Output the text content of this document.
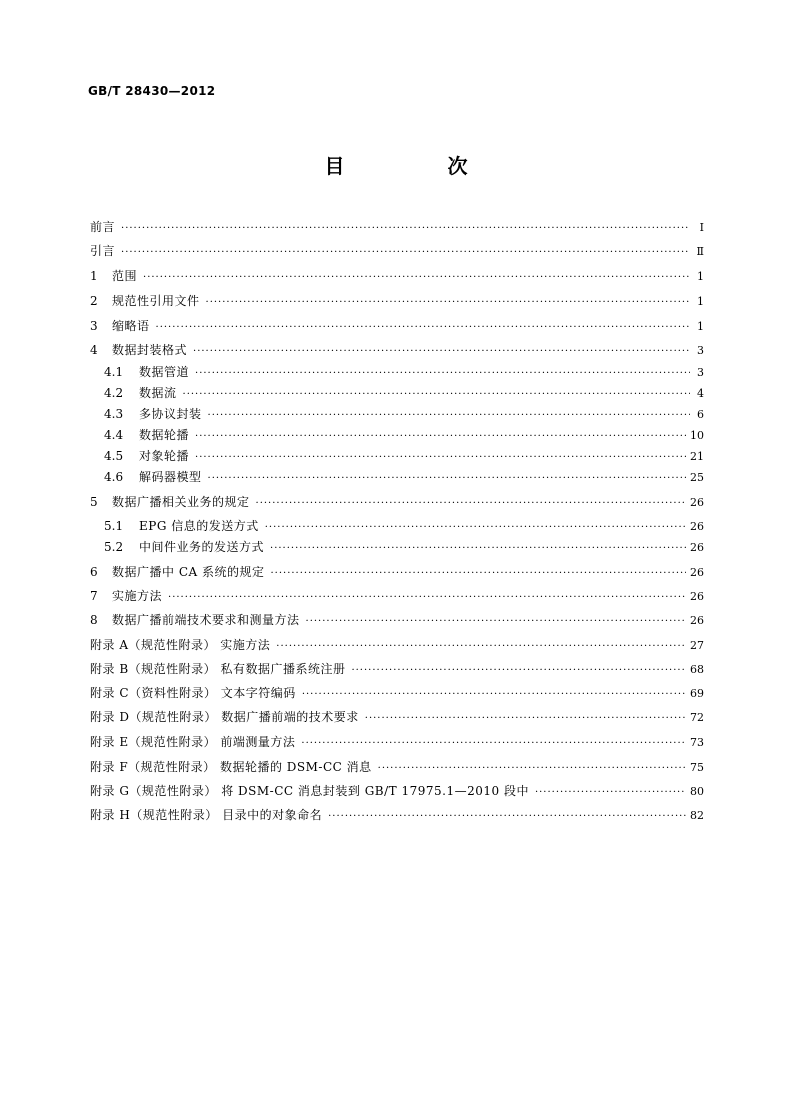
GB/T 28430—2012
目 次
前言 ·····	Ⅰ
引言 ·····	Ⅱ
1	范围 ·····	1
2	规范性引用文件 ·····	1
3	缩略语 ·····	1
4	数据封装格式 ·····	3
4.1	数据管道 ·····	3
4.2	数据流 ·····	4
4.3	多协议封装 ·····	6
4.4	数据轮播 ·····	10
4.5	对象轮播 ·····	21
4.6	解码器模型 ·····	25
5	数据广播相关业务的规定 ·····	26
5.1	EPG 信息的发送方式 ·····	26
5.2	中间件业务的发送方式 ·····	26
6	数据广播中 CA 系统的规定 ·····	26
7	实施方法 ·····	26
8	数据广播前端技术要求和测量方法 ·····	26
附录 A（规范性附录） 实施方法 ·····	27
附录 B（规范性附录） 私有数据广播系统注册 ·····	68
附录 C（资料性附录） 文本字符编码 ·····	69
附录 D（规范性附录） 数据广播前端的技术要求 ·····	72
附录 E（规范性附录） 前端测量方法 ·····	73
附录 F（规范性附录） 数据轮播的 DSM-CC 消息 ·····	75
附录 G（规范性附录） 将 DSM-CC 消息封装到 GB/T 17975.1—2010 段中 ·····	80
附录 H（规范性附录） 目录中的对象命名 ·····	82
